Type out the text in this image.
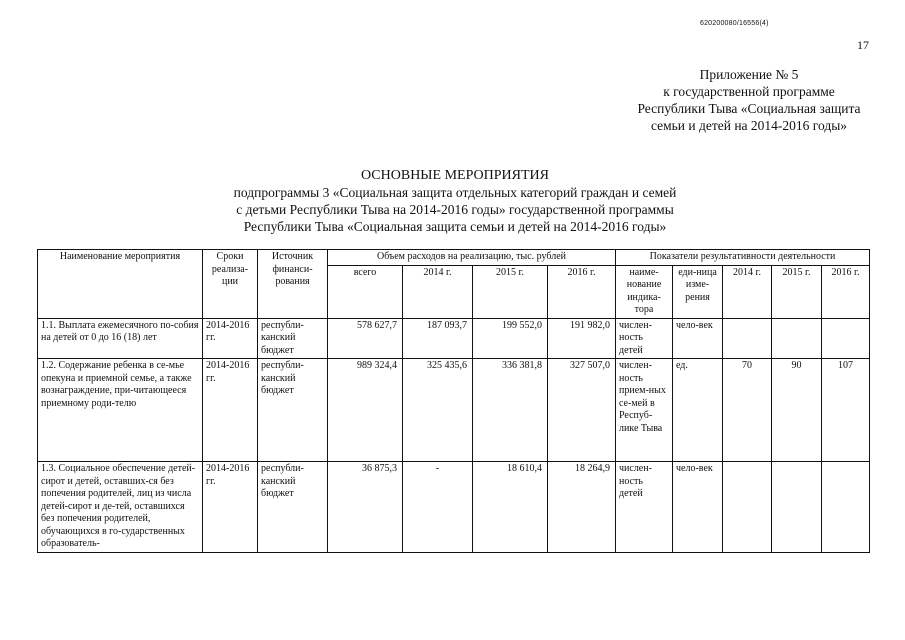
620200080/16556(4)
17
Приложение № 5
к государственной программе
Республики Тыва «Социальная защита
семьи и детей на 2014-2016 годы»
ОСНОВНЫЕ МЕРОПРИЯТИЯ
подпрограммы 3 «Социальная защита отдельных категорий граждан и семей
с детьми Республики Тыва на 2014-2016 годы» государственной программы
Республики Тыва «Социальная защита семьи и детей на 2014-2016 годы»
Наименование мероприятия	Сроки реализа-ции	Источник финанси-рования	Объем расходов на реализацию, тыс. рублей				Показатели результативности деятельности				
			всего	2014 г.	2015 г.	2016 г.	наиме-нование индика-тора	еди-ница изме-рения	2014 г.	2015 г.	2016 г.
1.1. Выплата ежемесячного по-собия на детей от 0 до 16 (18) лет	2014-2016 гг.	республи-канский бюджет	578 627,7	187 093,7	199 552,0	191 982,0	числен-ность детей	чело-век			
1.2. Содержание ребенка в се-мье опекуна и приемной семье, а также вознаграждение, при-читающееся приемному роди-телю	2014-2016 гг.	республи-канский бюджет	989 324,4	325 435,6	336 381,8	327 507,0	числен-ность прием-ных се-мей в Респуб-лике Тыва	ед.	70	90	107
1.3. Социальное обеспечение детей-сирот и детей, оставших-ся без попечения родителей, лиц из числа детей-сирот и де-тей, оставшихся без попечения родителей, обучающихся в го-сударственных образователь-	2014-2016 гг.	республи-канский бюджет	36 875,3	-	18 610,4	18 264,9	числен-ность детей	чело-век			
